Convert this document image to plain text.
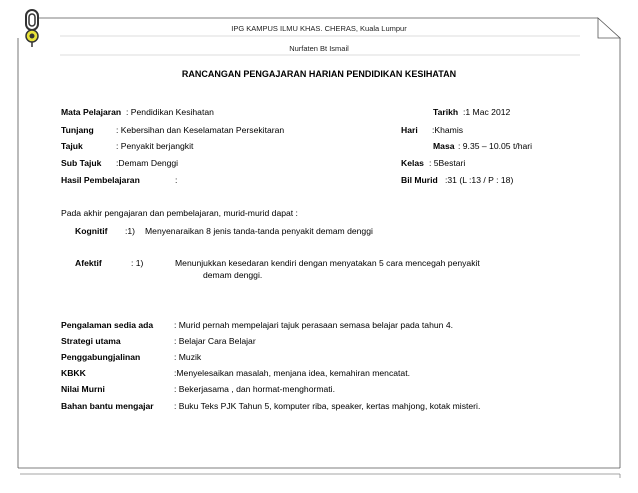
IPG KAMPUS ILMU KHAS. CHERAS, Kuala Lumpur
Nurfaten Bt Ismail
RANCANGAN PENGAJARAN HARIAN PENDIDIKAN KESIHATAN
Mata Pelajaran : Pendidikan Kesihatan	Tarikh :1 Mac 2012
Tunjang	: Kebersihan dan Keselamatan Persekitaran	Hari :Khamis
Tajuk	: Penyakit berjangkit	Masa : 9.35 – 10.05 t/hari
Sub Tajuk :Demam Denggi	Kelas : 5Bestari
Hasil Pembelajaran	:	Bil Murid :31 (L :13 / P : 18)
Pada akhir pengajaran dan pembelajaran, murid-murid dapat :
Kognitif :1) Menyenaraikan 8 jenis tanda-tanda penyakit demam denggi
Afektif	: 1)	Menunjukkan kesedaran kendiri dengan menyatakan 5 cara mencegah penyakit
demam denggi.
Pengalaman sedia ada : Murid pernah mempelajari tajuk perasaan semasa belajar pada tahun 4.
Strategi utama	: Belajar Cara Belajar
Penggabungjalinan	: Muzik
KBKK	:Menyelesaikan masalah, menjana idea, kemahiran mencatat.
Nilai Murni	: Bekerjasama , dan hormat-menghormati.
Bahan bantu mengajar : Buku Teks PJK Tahun 5, komputer riba, speaker, kertas mahjong, kotak misteri.
